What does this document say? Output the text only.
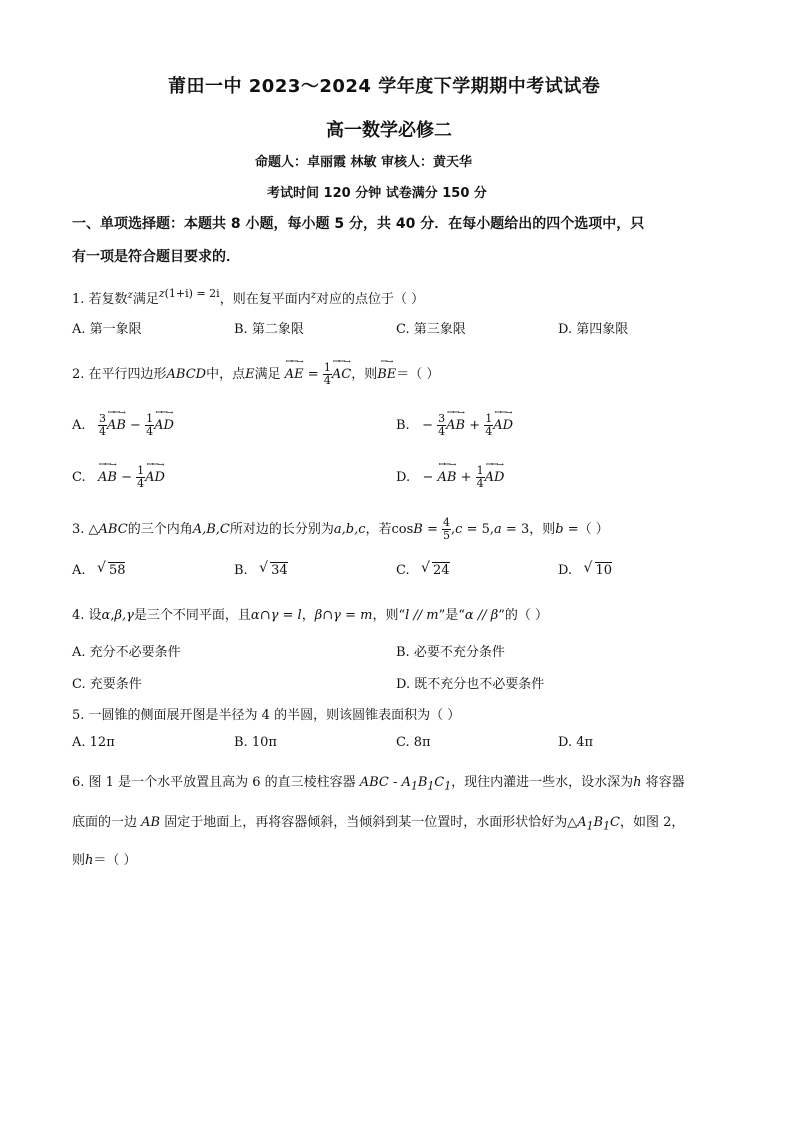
莆田一中 2023～2024 学年度下学期期中考试试卷
高一数学必修二
命题人：卓丽霞 林敏 审核人：黄天华
考试时间 120 分钟 试卷满分 150 分
一、单项选择题：本题共 8 小题，每小题 5 分，共 40 分．在每小题给出的四个选项中，只
有一项是符合题目要求的．
1. 若复数$^z$满足$^{z(1+i) = 2i}$，则在复平面内$^z$对应的点位于（ ）
A. 第一象限	B. 第二象限	C. 第三象限	D. 第四象限
2. 在平行四边形ABCD中，点E满足
ꟷꟷ→
AE = $\frac{1}{4}$
ꟷꟷ→
AC，则
ꟷ→
BE＝（ ）
A. $\frac{3}{4}$
ꟷꟷ→
AB − $\frac{1}{4}$
ꟷꟷ→
AD	B.   − $\frac{3}{4}$
ꟷꟷ→
AB + $\frac{1}{4}$
ꟷꟷ→
AD
C.
ꟷꟷ→
AB − $\frac{1}{4}$
ꟷꟷ→
AD	D.   −
ꟷꟷ→
AB + $\frac{1}{4}$
ꟷꟷ→
AD
3. △ABC的三个内角A,B,C所对边的长分别为a,b,c，若$\cos B = \frac{4}{5} ,c = 5,a = 3$，则b =（ ）
A. √ 58	B. √ 34	C. √ 24	D. √ 10
4. 设α,β,γ是三个不同平面，且α∩γ = l，β∩γ = m，则“l // m”是“α // β”的（ ）
A. 充分不必要条件	B. 必要不充分条件
C. 充要条件	D. 既不充分也不必要条件
5. 一圆锥的侧面展开图是半径为 4 的半圆，则该圆锥表面积为（ ）
A. 12π	B. 10π	C. 8π	D. 4π
6. 图 1 是一个水平放置且高为 6 的直三棱柱容器 ABC - $A_1B_1C_1$，现往内灌进一些水，设水深为h 将容器
底面的一边 AB 固定于地面上，再将容器倾斜，当倾斜到某一位置时，水面形状恰好为$\triangle A_1B_1C$，如图 2，
则h＝（ ）
